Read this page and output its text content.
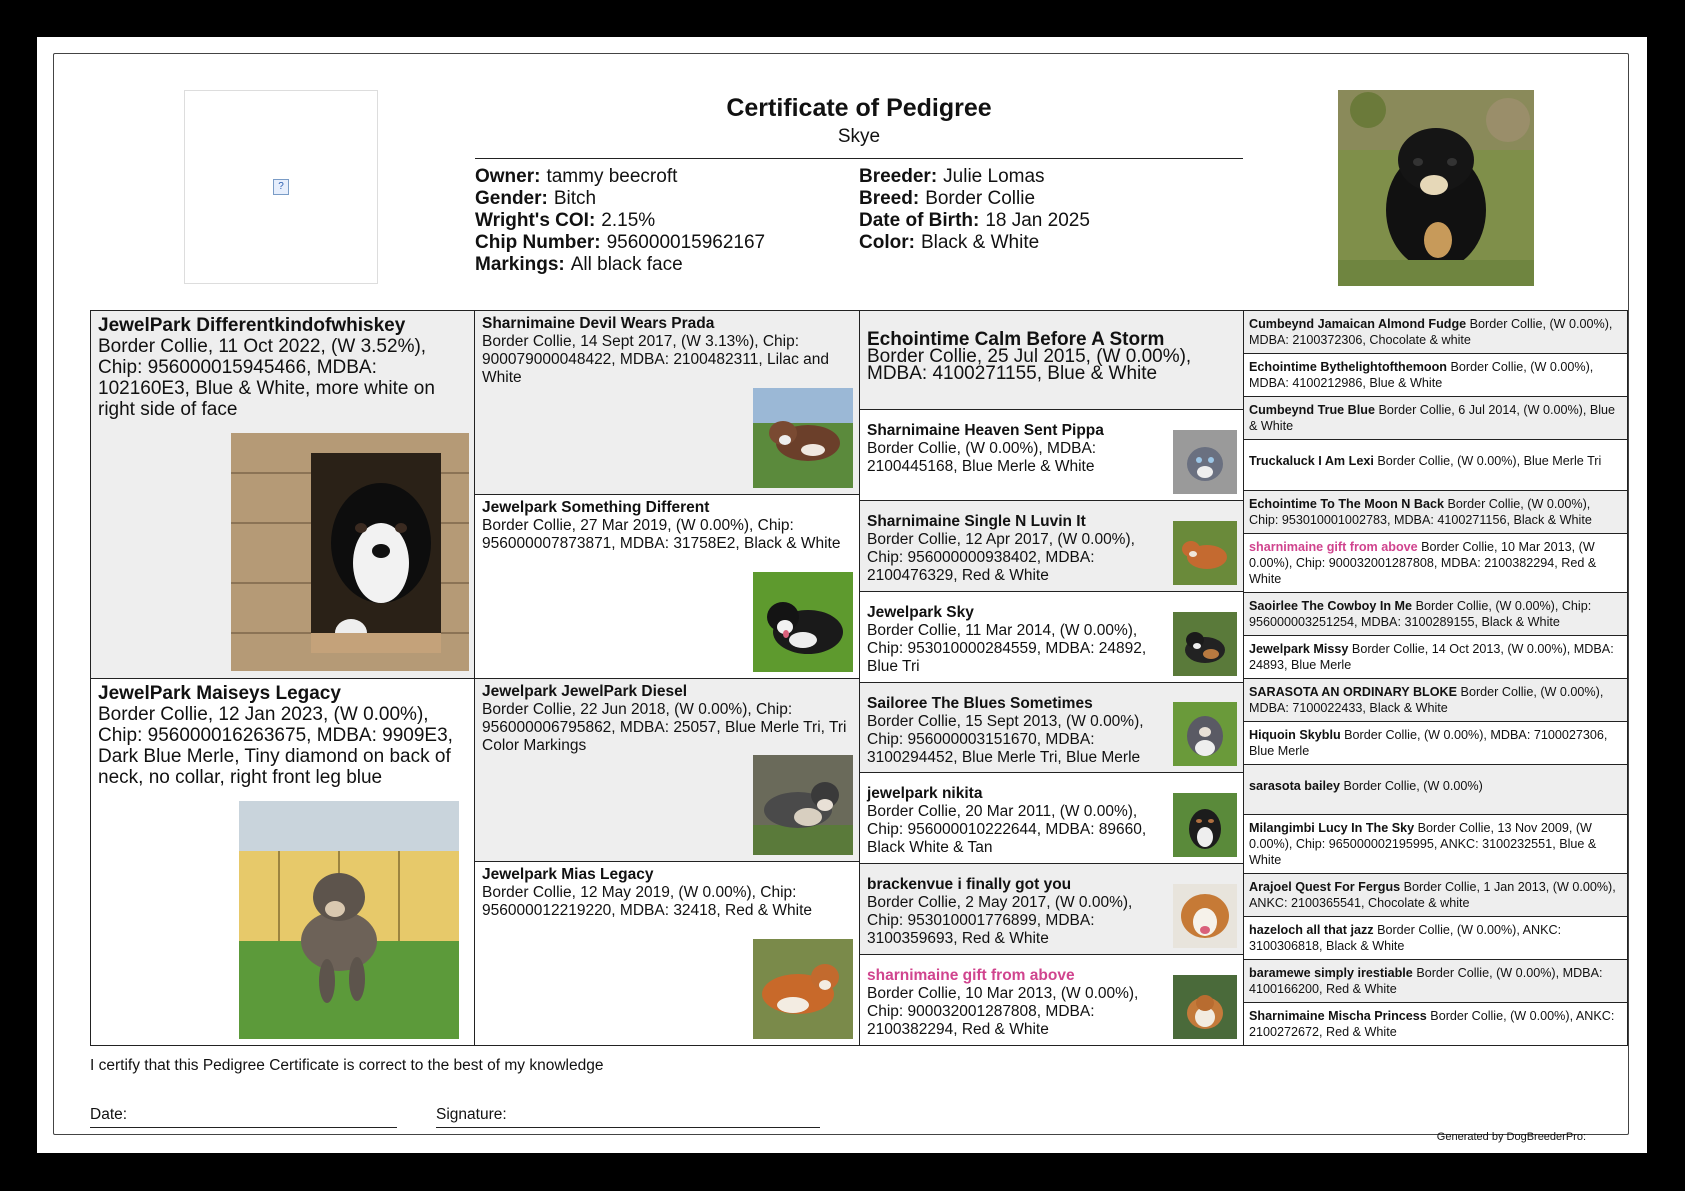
?
Certificate of Pedigree
Skye
Owner: tammy beecroft
Gender: Bitch
Wright's COI: 2.15%
Chip Number: 956000015962167
Markings: All black face
Breeder: Julie Lomas
Breed: Border Collie
Date of Birth: 18 Jan 2025
Color: Black & White
JewelPark Differentkindofwhiskey
Border Collie, 11 Oct 2022, (W 3.52%), Chip: 956000015945466, MDBA: 102160E3, Blue & White, more white on right side of face
JewelPark Maiseys Legacy
Border Collie, 12 Jan 2023, (W 0.00%), Chip: 956000016263675, MDBA: 9909E3, Dark Blue Merle, Tiny diamond on back of neck, no collar, right front leg blue
Sharnimaine Devil Wears Prada
Border Collie, 14 Sept 2017, (W 3.13%), Chip: 900079000048422, MDBA: 2100482311, Lilac and White
Jewelpark Something Different
Border Collie, 27 Mar 2019, (W 0.00%), Chip: 956000007873871, MDBA: 31758E2, Black & White
Jewelpark JewelPark Diesel
Border Collie, 22 Jun 2018, (W 0.00%), Chip: 956000006795862, MDBA: 25057, Blue Merle Tri, Tri Color Markings
Jewelpark Mias Legacy
Border Collie, 12 May 2019, (W 0.00%), Chip: 956000012219220, MDBA: 32418, Red & White
Echointime Calm Before A Storm
Border Collie, 25 Jul 2015, (W 0.00%), MDBA: 4100271155, Blue & White
Sharnimaine Heaven Sent Pippa
Border Collie, (W 0.00%), MDBA: 2100445168, Blue Merle & White
Sharnimaine Single N Luvin It
Border Collie, 12 Apr 2017, (W 0.00%), Chip: 956000000938402, MDBA: 2100476329, Red & White
Jewelpark Sky
Border Collie, 11 Mar 2014, (W 0.00%), Chip: 953010000284559, MDBA: 24892, Blue Tri
Sailoree The Blues Sometimes
Border Collie, 15 Sept 2013, (W 0.00%), Chip: 956000003151670, MDBA: 3100294452, Blue Merle Tri, Blue Merle
jewelpark nikita
Border Collie, 20 Mar 2011, (W 0.00%), Chip: 956000010222644, MDBA: 89660, Black White & Tan
brackenvue i finally got you
Border Collie, 2 May 2017, (W 0.00%), Chip: 953010001776899, MDBA: 3100359693, Red & White
sharnimaine gift from above
Border Collie, 10 Mar 2013, (W 0.00%), Chip: 900032001287808, MDBA: 2100382294, Red & White
Cumbeynd Jamaican Almond Fudge Border Collie, (W 0.00%), MDBA: 2100372306, Chocolate & white
Echointime Bythelightofthemoon Border Collie, (W 0.00%), MDBA: 4100212986, Blue & White
Cumbeynd True Blue Border Collie, 6 Jul 2014, (W 0.00%), Blue & White
Truckaluck I Am Lexi Border Collie, (W 0.00%), Blue Merle Tri
Echointime To The Moon N Back Border Collie, (W 0.00%), Chip: 953010001002783, MDBA: 4100271156, Black & White
sharnimaine gift from above Border Collie, 10 Mar 2013, (W 0.00%), Chip: 900032001287808, MDBA: 2100382294, Red & White
Saoirlee The Cowboy In Me Border Collie, (W 0.00%), Chip: 956000003251254, MDBA: 3100289155, Black & White
Jewelpark Missy Border Collie, 14 Oct 2013, (W 0.00%), MDBA: 24893, Blue Merle
SARASOTA AN ORDINARY BLOKE Border Collie, (W 0.00%), MDBA: 7100022433, Black & White
Hiquoin Skyblu Border Collie, (W 0.00%), MDBA: 7100027306, Blue Merle
sarasota bailey Border Collie, (W 0.00%)
Milangimbi Lucy In The Sky Border Collie, 13 Nov 2009, (W 0.00%), Chip: 965000002195995, ANKC: 3100232551, Blue & White
Arajoel Quest For Fergus Border Collie, 1 Jan 2013, (W 0.00%), ANKC: 2100365541, Chocolate & white
hazeloch all that jazz Border Collie, (W 0.00%), ANKC: 3100306818, Black & White
baramewe simply irestiable Border Collie, (W 0.00%), MDBA: 4100166200, Red & White
Sharnimaine Mischa Princess Border Collie, (W 0.00%), ANKC: 2100272672, Red & White
I certify that this Pedigree Certificate is correct to the best of my knowledge
Date:	Signature:
Generated by DogBreederPro:
